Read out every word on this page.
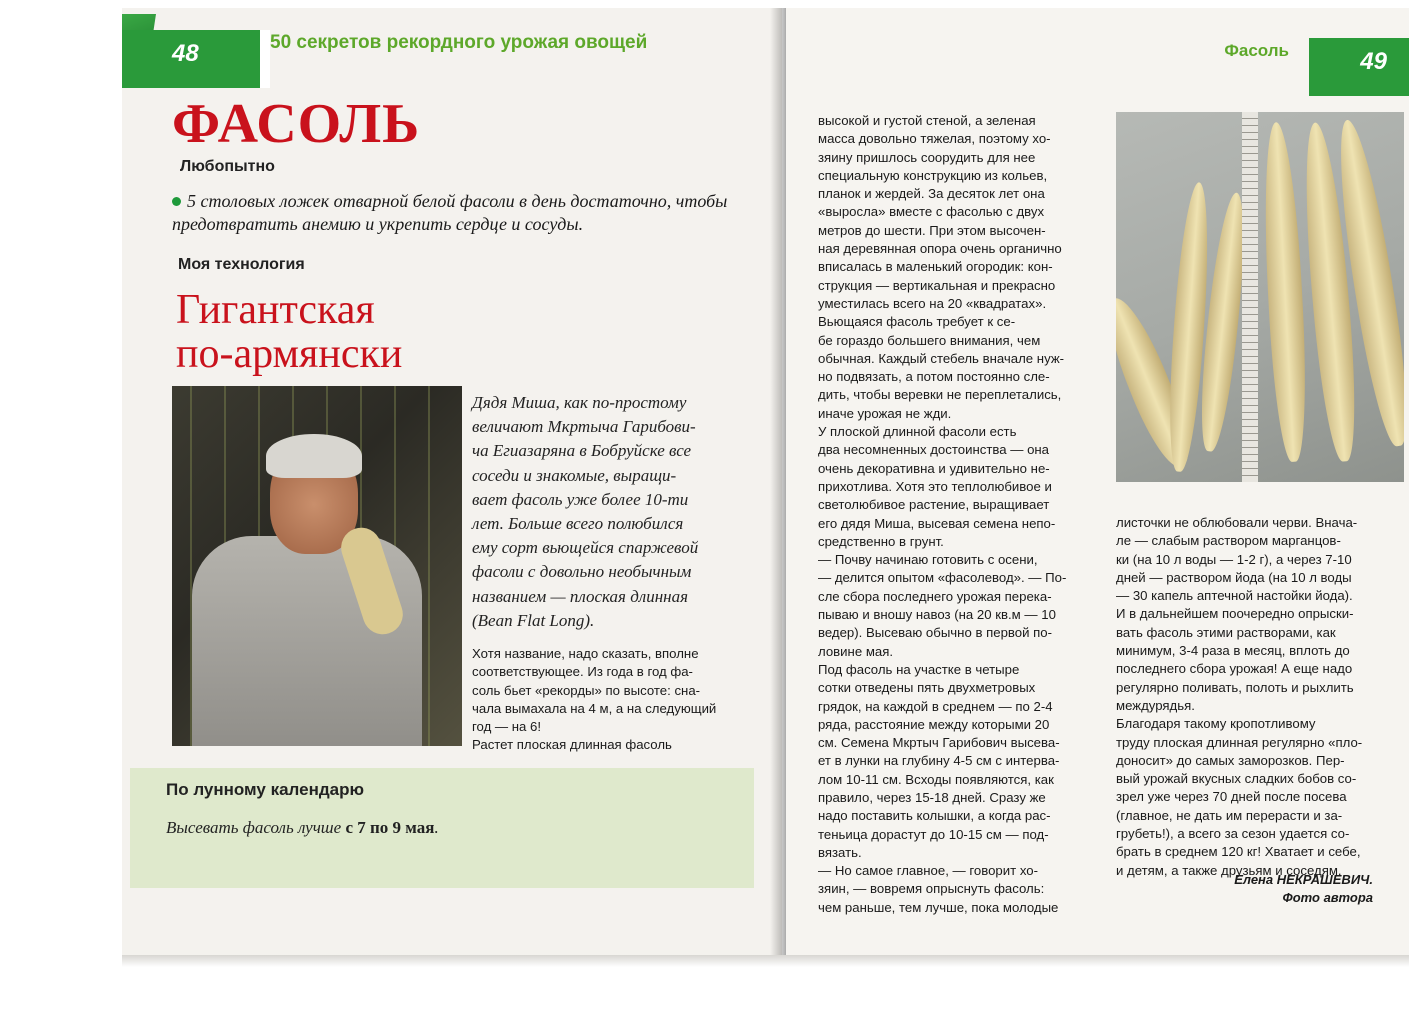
48	50 секретов рекордного урожая овощей
ФАСОЛЬ
Любопытно
5 столовых ложек отварной белой фасоли в день достаточно, чтобы предотвратить анемию и укрепить сердце и сосуды.
Моя технология
Гигантская
по-армянски
Дядя Миша, как по-простому
величают Мкртыча Гарибови-
ча Егиазаряна в Бобруйске все
соседи и знакомые, выращи-
вает фасоль уже более 10-ти
лет. Больше всего полюбился
ему сорт вьющейся спаржевой
фасоли с довольно необычным
названием — плоская длинная
(Bean Flat Long).
Хотя название, надо сказать, вполне
соответствующее. Из года в год фа-
соль бьет «рекорды» по высоте: сна-
чала вымахала на 4 м, а на следующий
год — на 6!
Растет плоская длинная фасоль
По лунному календарю
Высевать фасоль лучше с 7 по 9 мая.
49
Фасоль
высокой и густой стеной, а зеленая
масса довольно тяжелая, поэтому хо-
зяину пришлось соорудить для нее
специальную конструкцию из кольев,
планок и жердей. За десяток лет она
«выросла» вместе с фасолью с двух
метров до шести. При этом высочен-
ная деревянная опора очень органично
вписалась в маленький огородик: кон-
струкция — вертикальная и прекрасно
уместилась всего на 20 «квадратах».
Вьющаяся фасоль требует к се-
бе гораздо большего внимания, чем
обычная. Каждый стебель вначале нуж-
но подвязать, а потом постоянно сле-
дить, чтобы веревки не переплетались,
иначе урожая не жди.
У плоской длинной фасоли есть
два несомненных достоинства — она
очень декоративна и удивительно не-
прихотлива. Хотя это теплолюбивое и
светолюбивое растение, выращивает
его дядя Миша, высевая семена непо-
средственно в грунт.
— Почву начинаю готовить с осени,
— делится опытом «фасолевод». — По-
сле сбора последнего урожая перека-
пываю и вношу навоз (на 20 кв.м — 10
ведер). Высеваю обычно в первой по-
ловине мая.
Под фасоль на участке в четыре
сотки отведены пять двухметровых
грядок, на каждой в среднем — по 2-4
ряда, расстояние между которыми 20
см. Семена Мкртыч Гарибович высева-
ет в лунки на глубину 4-5 см с интерва-
лом 10-11 см. Всходы появляются, как
правило, через 15-18 дней. Сразу же
надо поставить колышки, а когда рас-
теньица дорастут до 10-15 см — под-
вязать.
— Но самое главное, — говорит хо-
зяин, — вовремя опрыснуть фасоль:
чем раньше, тем лучше, пока молодые
листочки не облюбовали черви. Внача-
ле — слабым раствором марганцов-
ки (на 10 л воды — 1-2 г), а через 7-10
дней — раствором йода (на 10 л воды
— 30 капель аптечной настойки йода).
И в дальнейшем поочередно опрыски-
вать фасоль этими растворами, как
минимум, 3-4 раза в месяц, вплоть до
последнего сбора урожая! А еще надо
регулярно поливать, полоть и рыхлить
междурядья.
Благодаря такому кропотливому
труду плоская длинная регулярно «пло-
доносит» до самых заморозков. Пер-
вый урожай вкусных сладких бобов со-
зрел уже через 70 дней после посева
(главное, не дать им перерасти и за-
грубеть!), а всего за сезон удается со-
брать в среднем 120 кг! Хватает и себе,
и детям, а также друзьям и соседям.
Елена НЕКРАШЕВИЧ.
Фото автора
